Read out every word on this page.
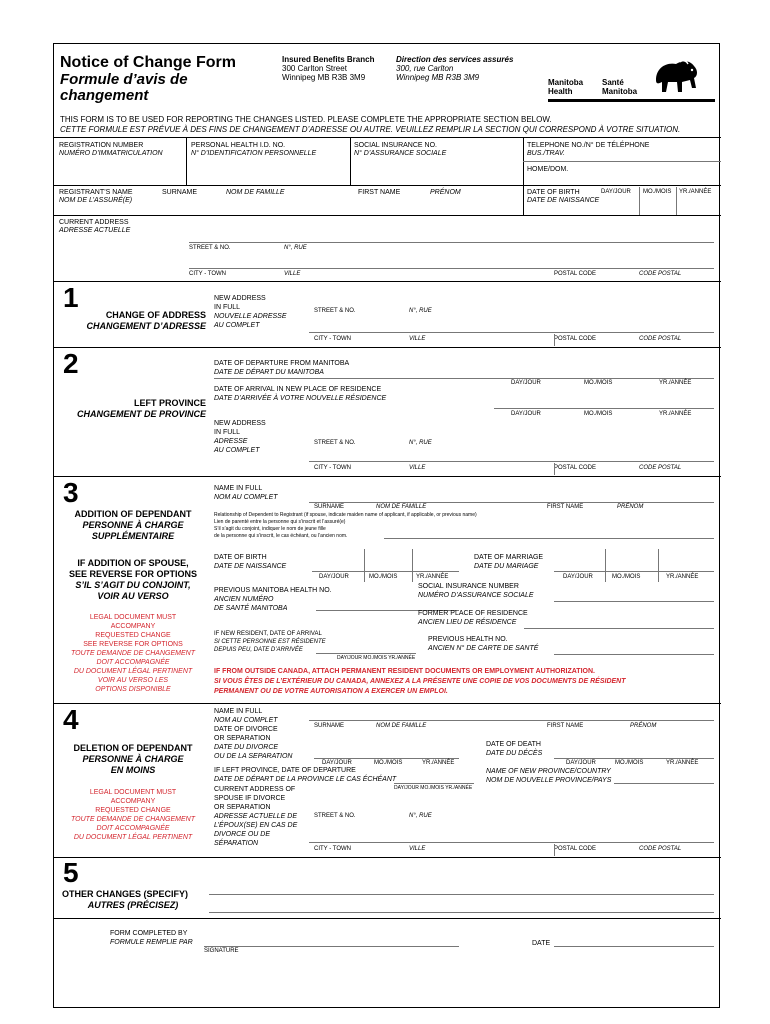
Notice of Change Form
Formule d’avis de
changement
Insured Benefits Branch
300 Carlton Street
Winnipeg MB R3B 3M9
Direction des services assurés
300, rue Carlton
Winnipeg MB R3B 3M9
Manitoba
Health
Santé
Manitoba
THIS FORM IS TO BE USED FOR REPORTING THE CHANGES LISTED. PLEASE COMPLETE THE APPROPRIATE SECTION BELOW.
CETTE FORMULE EST PRÉVUE À DES FINS DE CHANGEMENT D’ADRESSE OU AUTRE. VEUILLEZ REMPLIR LA SECTION QUI CORRESPOND À VOTRE SITUATION.
REGISTRATION NUMBER
NUMÉRO D’IMMATRICULATION
PERSONAL HEALTH I.D. NO.
N° D’IDENTIFICATION PERSONNELLE
SOCIAL INSURANCE NO.
N° D’ASSURANCE SOCIALE
TELEPHONE NO./N° DE TÉLÉPHONE
BUS./TRAV.
HOME/DOM.
REGISTRANT’S NAME
NOM DE L’ASSURÉ(E)
SURNAME	NOM DE FAMILLE	FIRST NAME	PRÉNOM	DATE OF BIRTH
DATE DE NAISSANCE
DAY/JOUR MO./MOIS YR./ANNÉE
CURRENT ADDRESS
ADRESSE ACTUELLE
STREET & NO.	N°, RUE
CITY - TOWN	VILLE	POSTAL CODE	CODE POSTAL
1
CHANGE OF ADDRESS
CHANGEMENT D’ADRESSE
NEW ADDRESS
IN FULL
NOUVELLE ADRESSE
AU COMPLET
STREET & NO.	N°, RUE
CITY - TOWN	VILLE	POSTAL CODE	CODE POSTAL
2
LEFT PROVINCE
CHANGEMENT DE PROVINCE
DATE OF DEPARTURE FROM MANITOBA
DATE DE DÉPART DU MANITOBA
DAY/JOUR	MO./MOIS	YR./ANNÉE
DATE OF ARRIVAL IN NEW PLACE OF RESIDENCE
DATE D’ARRIVÉE À VOTRE NOUVELLE RÉSIDENCE
DAY/JOUR	MO./MOIS	YR./ANNÉE
NEW ADDRESS
IN FULL
ADRESSE
AU COMPLET
STREET & NO.	N°, RUE
CITY - TOWN	VILLE	POSTAL CODE	CODE POSTAL
3
ADDITION OF DEPENDANT
PERSONNE À CHARGE
SUPPLÉMENTAIRE
IF ADDITION OF SPOUSE,
SEE REVERSE FOR OPTIONS
S’IL S’AGIT DU CONJOINT,
VOIR AU VERSO
LEGAL DOCUMENT MUST
ACCOMPANY
REQUESTED CHANGE
SEE REVERSE FOR OPTIONS
TOUTE DEMANDE DE CHANGEMENT
DOIT ACCOMPAGNÉE
DU DOCUMENT LÉGAL PERTINENT
VOIR AU VERSO LES
OPTIONS DISPONIBLE
NAME IN FULL
NOM AU COMPLET
SURNAME	NOM DE FAMILLE	FIRST NAME	PRÉNOM
Relationship of Dependent to Registrant (if spouse, indicate maiden name of applicant, if applicable, or previous name)
Lien de parenté entre la personne qui s’inscrit et l’assuré(e)
S’il s’agit du conjoint, indiquer le nom de jeune fille
de la personne qui s’inscrit, le cas échéant, ou l’ancien nom.
DATE OF BIRTH
DATE DE NAISSANCE
DAY/JOUR	MO./MOIS	YR./ANNÉE
DATE OF MARRIAGE
DATE DU MARIAGE
DAY/JOUR	MO./MOIS	YR./ANNÉE
PREVIOUS MANITOBA HEALTH NO.
ANCIEN NUMÉRO
DE SANTÉ MANITOBA
SOCIAL INSURANCE NUMBER
NUMÉRO D’ASSURANCE SOCIALE
FORMER PLACE OF RESIDENCE
ANCIEN LIEU DE RÉSIDENCE
IF NEW RESIDENT, DATE OF ARRIVAL
SI CETTE PERSONNE EST RÉSIDENTE
DEPUIS PEU, DATE D’ARRIVÉE
DAY/JOUR MO./MOIS YR./ANNÉE
PREVIOUS HEALTH NO.
ANCIEN N° DE CARTE DE SANTÉ
IF FROM OUTSIDE CANADA, ATTACH PERMANENT RESIDENT DOCUMENTS OR EMPLOYMENT AUTHORIZATION.
SI VOUS ÊTES DE L’EXTÉRIEUR DU CANADA, ANNEXEZ A LA PRÉSENTE UNE COPIE DE VOS DOCUMENTS DE RÉSIDENT
PERMANENT OU DE VOTRE AUTORISATION A EXERCER UN EMPLOI.
4
DELETION OF DEPENDANT
PERSONNE À CHARGE
EN MOINS
LEGAL DOCUMENT MUST
ACCOMPANY
REQUESTED CHANGE
TOUTE DEMANDE DE CHANGEMENT
DOIT ACCOMPAGNÉE
DU DOCUMENT LÉGAL PERTINENT
NAME IN FULL
NOM AU COMPLET
SURNAME	NOM DE FAMILLE	FIRST NAME	PRÉNOM
DATE OF DIVORCE
OR SEPARATION
DATE DU DIVORCE
OU DE LA SEPARATION
DAY/JOUR	MO./MOIS	YR./ANNÉE
DATE OF DEATH
DATE DU DÉCÈS
DAY/JOUR	MO./MOIS	YR./ANNÉE
IF LEFT PROVINCE, DATE OF DEPARTURE
DATE DE DÉPART DE LA PROVINCE LE CAS ÉCHÉANT
DAY/JOUR MO./MOIS YR./ANNÉE
NAME OF NEW PROVINCE/COUNTRY
NOM DE NOUVELLE PROVINCE/PAYS
CURRENT ADDRESS OF
SPOUSE IF DIVORCE
OR SEPARATION
ADRESSE ACTUELLE DE
L’ÉPOUX(SE) EN CAS DE
DIVORCE OU DE
SÉPARATION
STREET & NO.	N°, RUE
CITY - TOWN	VILLE	POSTAL CODE	CODE POSTAL
5
OTHER CHANGES (SPECIFY)
AUTRES (PRÉCISEZ)
FORM COMPLETED BY
FORMULE REMPLIE PAR
SIGNATURE
DATE
